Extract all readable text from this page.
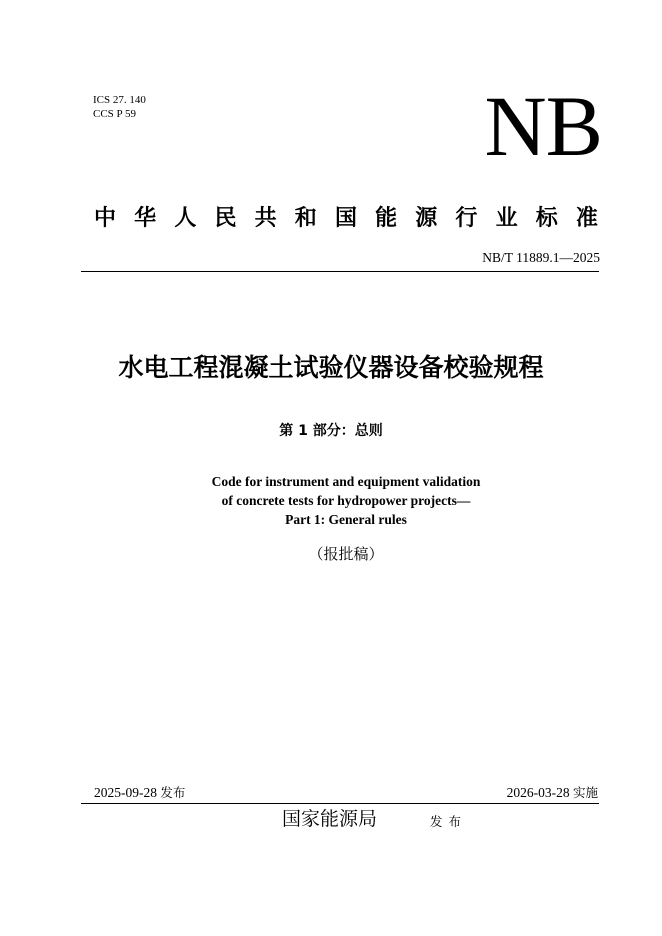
ICS 27. 140
CCS P 59	NB
中 华 人 民 共 和 国 能 源 行 业 标 准
NB/T 11889.1—2025
水电工程混凝土试验仪器设备校验规程
第 1 部分：总则
Code for instrument and equipment validation
of concrete tests for hydropower projects—
Part 1: General rules
（报批稿）
2025-09-28 发布	2026-03-28 实施
国家能源局	发布
